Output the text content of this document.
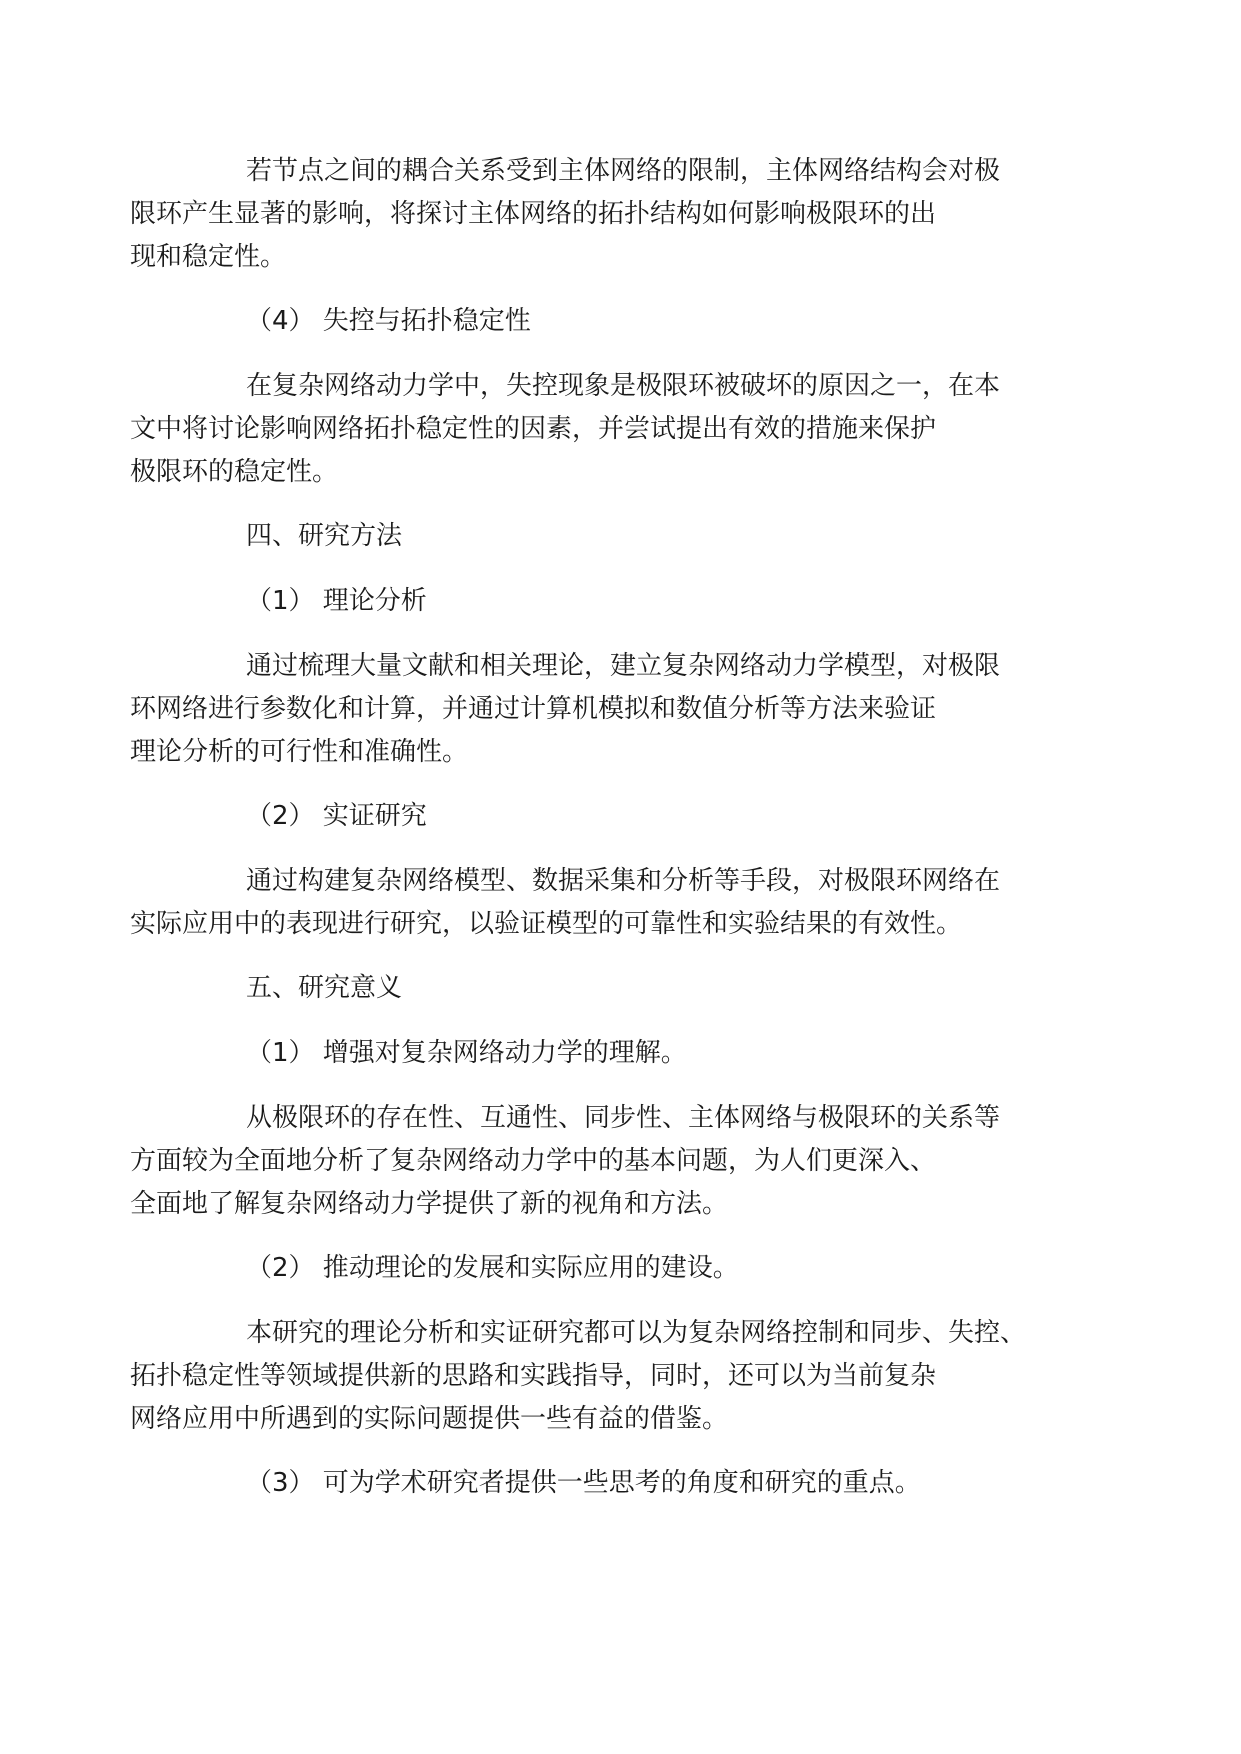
若节点之间的耦合关系受到主体网络的限制，主体网络结构会对极
限环产生显著的影响，将探讨主体网络的拓扑结构如何影响极限环的出
现和稳定性。
（4） 失控与拓扑稳定性
在复杂网络动力学中，失控现象是极限环被破坏的原因之一，在本
文中将讨论影响网络拓扑稳定性的因素，并尝试提出有效的措施来保护
极限环的稳定性。
四、研究方法
（1） 理论分析
通过梳理大量文献和相关理论，建立复杂网络动力学模型，对极限
环网络进行参数化和计算，并通过计算机模拟和数值分析等方法来验证
理论分析的可行性和准确性。
（2） 实证研究
通过构建复杂网络模型、数据采集和分析等手段，对极限环网络在
实际应用中的表现进行研究，以验证模型的可靠性和实验结果的有效性。
五、研究意义
（1） 增强对复杂网络动力学的理解。
从极限环的存在性、互通性、同步性、主体网络与极限环的关系等
方面较为全面地分析了复杂网络动力学中的基本问题，为人们更深入、
全面地了解复杂网络动力学提供了新的视角和方法。
（2） 推动理论的发展和实际应用的建设。
本研究的理论分析和实证研究都可以为复杂网络控制和同步、失控、
拓扑稳定性等领域提供新的思路和实践指导，同时，还可以为当前复杂
网络应用中所遇到的实际问题提供一些有益的借鉴。
（3） 可为学术研究者提供一些思考的角度和研究的重点。
